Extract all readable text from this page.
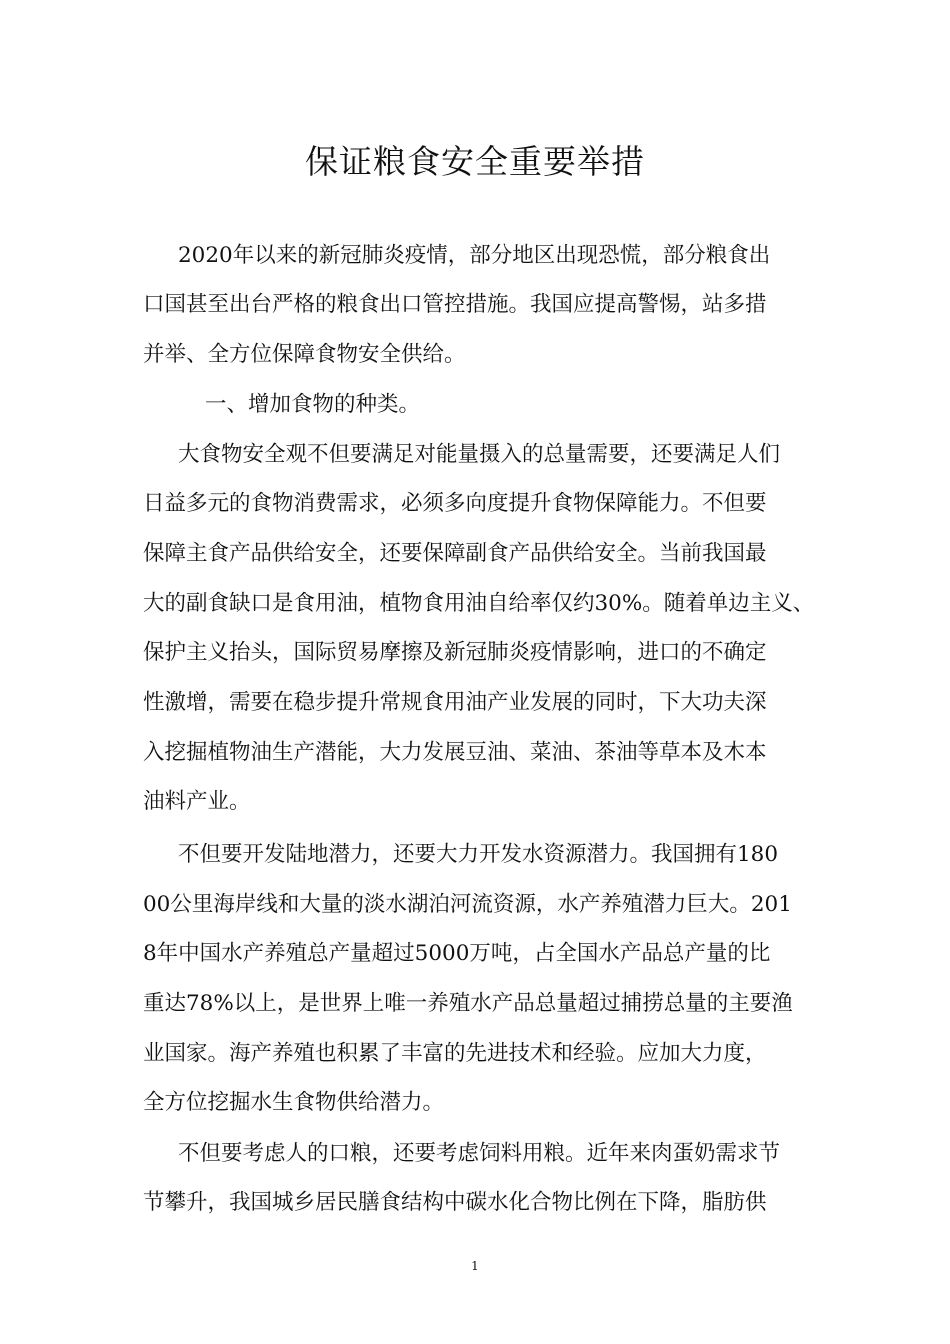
保证粮食安全重要举措

2020年以来的新冠肺炎疫情，部分地区出现恐慌，部分粮食出

口国甚至出台严格的粮食出口管控措施。我国应提高警惕，站多措

并举、全方位保障食物安全供给。

一、增加食物的种类。

大食物安全观不但要满足对能量摄入的总量需要，还要满足人们

日益多元的食物消费需求，必须多向度提升食物保障能力。不但要

保障主食产品供给安全，还要保障副食产品供给安全。当前我国最

大的副食缺口是食用油，植物食用油自给率仅约30%。随着单边主义、

保护主义抬头，国际贸易摩擦及新冠肺炎疫情影响，进口的不确定

性激增，需要在稳步提升常规食用油产业发展的同时，下大功夫深

入挖掘植物油生产潜能，大力发展豆油、菜油、茶油等草本及木本

油料产业。

不但要开发陆地潜力，还要大力开发水资源潜力。我国拥有180

00公里海岸线和大量的淡水湖泊河流资源，水产养殖潜力巨大。201

8年中国水产养殖总产量超过5000万吨，占全国水产品总产量的比

重达78%以上，是世界上唯一养殖水产品总量超过捕捞总量的主要渔

业国家。海产养殖也积累了丰富的先进技术和经验。应加大力度，

全方位挖掘水生食物供给潜力。

不但要考虑人的口粮，还要考虑饲料用粮。近年来肉蛋奶需求节

节攀升，我国城乡居民膳食结构中碳水化合物比例在下降，脂肪供

1
